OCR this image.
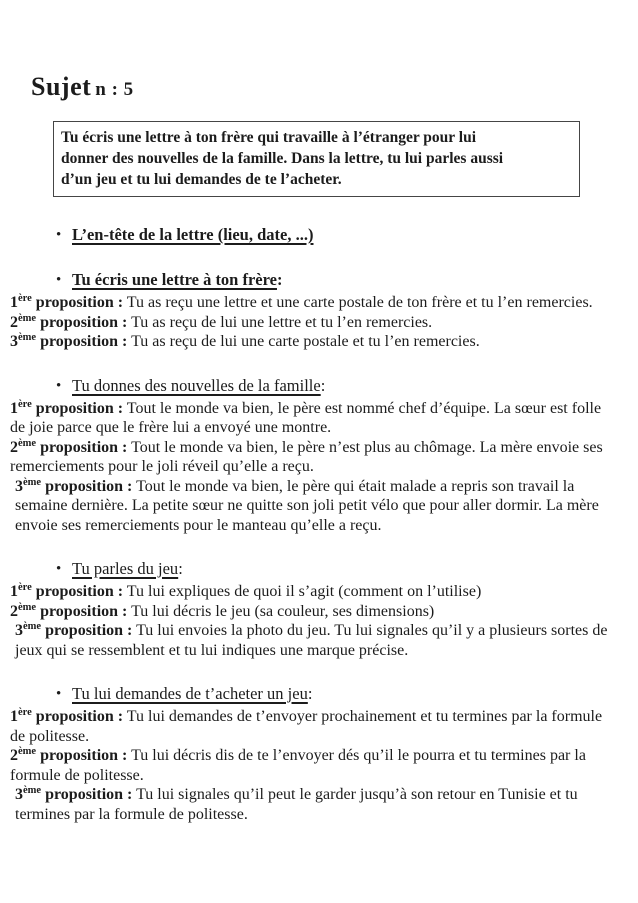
Sujet n : 5
Tu écris une lettre à ton frère qui travaille à l’étranger pour lui
donner des nouvelles de la famille. Dans la lettre, tu lui parles aussi
d’un jeu et tu lui demandes de te l’acheter.
• L’en-tête de la lettre (lieu, date, ...)
• Tu écris une lettre à ton frère:

1ère proposition : Tu as reçu une lettre et une carte postale de ton frère et tu l’en remercies.

2ème proposition : Tu as reçu de lui une lettre et tu l’en remercies.

3ème proposition : Tu as reçu de lui une carte postale et tu l’en remercies.

• Tu donnes des nouvelles de la famille:

1ère proposition : Tout le monde va bien, le père est nommé chef d’équipe. La sœur est folle de joie parce que le frère lui a envoyé une montre.

2ème proposition : Tout le monde va bien, le père n’est plus au chômage. La mère envoie ses remerciements pour le joli réveil qu’elle a reçu.

3ème proposition : Tout le monde va bien, le père qui était malade a repris son travail la semaine dernière. La petite sœur ne quitte son joli petit vélo que pour aller dormir. La mère envoie ses remerciements pour le manteau qu’elle a reçu.

• Tu parles du jeu:

1ère proposition : Tu lui expliques de quoi il s’agit (comment on l’utilise)

2ème proposition : Tu lui décris le jeu (sa couleur, ses dimensions)

3ème proposition : Tu lui envoies la photo du jeu. Tu lui signales qu’il y a plusieurs sortes de jeux qui se ressemblent et tu lui indiques une marque précise.

• Tu lui demandes de t’acheter un jeu:

1ère proposition : Tu lui demandes de t’envoyer prochainement et tu termines par la formule de politesse.

2ème proposition : Tu lui décris dis de te l’envoyer dés qu’il le pourra et tu termines par la formule de politesse.

3ème proposition : Tu lui signales qu’il peut le garder jusqu’à son retour en Tunisie et tu termines par la formule de politesse.
